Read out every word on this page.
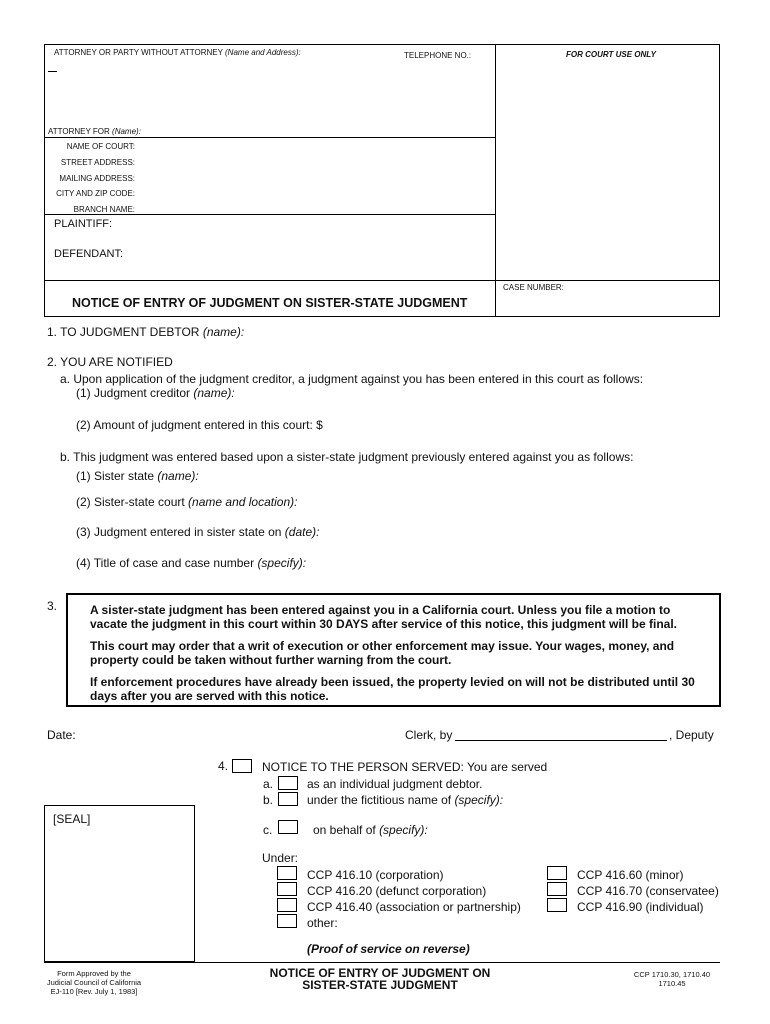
ATTORNEY OR PARTY WITHOUT ATTORNEY (Name and Address):	TELEPHONE NO.:	FOR COURT USE ONLY
ATTORNEY FOR (Name):
NAME OF COURT:
STREET ADDRESS:
MAILING ADDRESS:
CITY AND ZIP CODE:
BRANCH NAME:
PLAINTIFF:
DEFENDANT:
CASE NUMBER:
NOTICE OF ENTRY OF JUDGMENT ON SISTER-STATE JUDGMENT
1. TO JUDGMENT DEBTOR (name):
2. YOU ARE NOTIFIED
a. Upon application of the judgment creditor, a judgment against you has been entered in this court as follows:
(1) Judgment creditor (name):
(2) Amount of judgment entered in this court: $
b. This judgment was entered based upon a sister-state judgment previously entered against you as follows:
(1) Sister state (name):
(2) Sister-state court (name and location):
(3) Judgment entered in sister state on (date):
(4) Title of case and case number (specify):
3.	A sister-state judgment has been entered against you in a California court. Unless you file a motion to vacate the judgment in this court within 30 DAYS after service of this notice, this judgment will be final.

This court may order that a writ of execution or other enforcement may issue. Your wages, money, and property could be taken without further warning from the court.

If enforcement procedures have already been issued, the property levied on will not be distributed until 30 days after you are served with this notice.

Date:	Clerk, by	, Deputy
4.	NOTICE TO THE PERSON SERVED: You are served
a.	as an individual judgment debtor.
b.	under the fictitious name of (specify):
c.	on behalf of (specify):
Under:
CCP 416.10 (corporation)
CCP 416.20 (defunct corporation)
CCP 416.40 (association or partnership)
other:
CCP 416.60 (minor)
CCP 416.70 (conservatee)
CCP 416.90 (individual)
[SEAL]
(Proof of service on reverse)
Form Approved by the
Judicial Council of California
EJ-110 [Rev. July 1, 1983]
NOTICE OF ENTRY OF JUDGMENT ON
SISTER-STATE JUDGMENT
CCP 1710.30, 1710.40
1710.45
